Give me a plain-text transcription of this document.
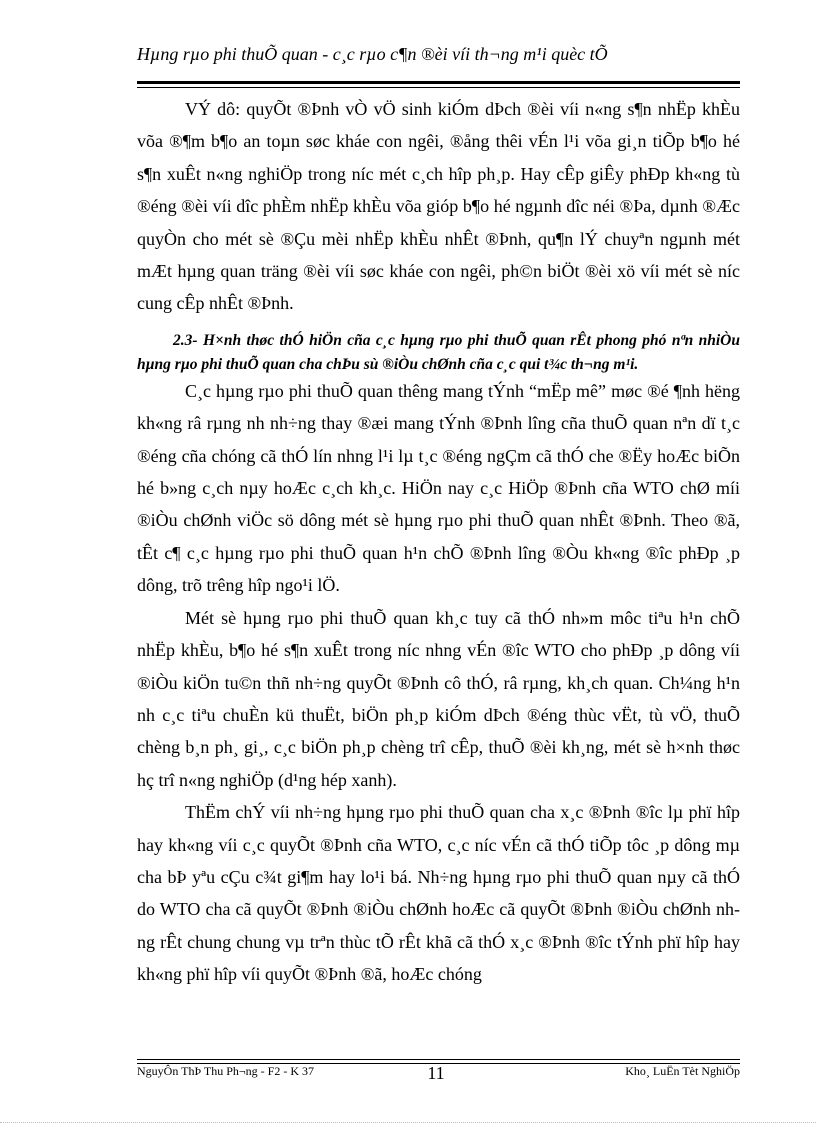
Hµng rµo phi thuÕ quan - c¸c rµo c¶n ®èi víi th¬ng m¹i quèc tÕ

VÝ dô: quyÕt ®Þnh vÒ vÖ sinh kiÓm dÞch ®èi víi n«ng s¶n nhËp khÈu võa ®¶m b¶o an toµn søc kháe con ngêi, ®ång thêi vÉn l¹i võa gi¸n tiÕp b¶o hé s¶n xuÊt n«ng nghiÖp trong níc mét c¸ch hîp ph¸p. Hay cÊp giÊy phÐp kh«ng tù ®éng ®èi víi dîc phÈm nhËp khÈu võa gióp b¶o hé ngµnh dîc néi ®Þa, dµnh ®Æc quyÒn cho mét sè ®Çu mèi nhËp khÈu nhÊt ®Þnh, qu¶n lÝ chuyªn ngµnh mét mÆt hµng quan träng ®èi víi søc kháe con ngêi, ph©n biÖt ®èi xö víi mét sè níc cung cÊp nhÊt ®Þnh.

2.3- H×nh thøc thÓ hiÖn cña c¸c hµng rµo phi thuÕ quan rÊt phong phó nªn nhiÒu hµng rµo phi thuÕ quan cha chÞu sù ®iÒu chØnh cña c¸c qui t¾c th¬ng m¹i.

C¸c hµng rµo phi thuÕ quan thêng mang tÝnh “mËp mê” møc ®é ¶nh hëng kh«ng râ rµng nh nh÷ng thay ®æi mang tÝnh ®Þnh lîng cña thuÕ quan nªn dï t¸c ®éng cña chóng cã thÓ lín nhng l¹i lµ t¸c ®éng ngÇm cã thÓ che ®Ëy hoÆc biÕn hé b»ng c¸ch nµy hoÆc c¸ch kh¸c. HiÖn nay c¸c HiÖp ®Þnh cña WTO chØ míi ®iÒu chØnh viÖc sö dông mét sè hµng rµo phi thuÕ quan nhÊt ®Þnh. Theo ®ã, tÊt c¶ c¸c hµng rµo phi thuÕ quan h¹n chÕ ®Þnh lîng ®Òu kh«ng ®îc phÐp ¸p dông, trõ trêng hîp ngo¹i lÖ.

Mét sè hµng rµo phi thuÕ quan kh¸c tuy cã thÓ nh»m môc tiªu h¹n chÕ nhËp khÈu, b¶o hé s¶n xuÊt trong níc nhng vÉn ®îc WTO cho phÐp ¸p dông víi ®iÒu kiÖn tu©n thñ nh÷ng quyÕt ®Þnh cô thÓ, râ rµng, kh¸ch quan. Ch¼ng h¹n nh c¸c tiªu chuÈn kü thuËt, biÖn ph¸p kiÓm dÞch ®éng thùc vËt, tù vÖ, thuÕ chèng b¸n ph¸ gi¸, c¸c biÖn ph¸p chèng trî cÊp, thuÕ ®èi kh¸ng, mét sè h×nh thøc hç trî n«ng nghiÖp (d¹ng hép xanh).

ThËm chÝ víi nh÷ng hµng rµo phi thuÕ quan cha x¸c ®Þnh ®îc lµ phï hîp hay kh«ng víi c¸c quyÕt ®Þnh cña WTO, c¸c níc vÉn cã thÓ tiÕp tôc ¸p dông mµ cha bÞ yªu cÇu c¾t gi¶m hay lo¹i bá. Nh÷ng hµng rµo phi thuÕ quan nµy cã thÓ do WTO cha cã quyÕt ®Þnh ®iÒu chØnh hoÆc cã quyÕt ®Þnh ®iÒu chØnh nhng rÊt chung chung vµ trªn thùc tÕ rÊt khã cã thÓ x¸c ®Þnh ®îc tÝnh phï hîp hay kh«ng phï hîp víi quyÕt ®Þnh ®ã, hoÆc chóng

NguyÔn ThÞ Thu Ph¬ng - F2 - K 37	11	Kho¸ LuËn Tèt NghiÖp
